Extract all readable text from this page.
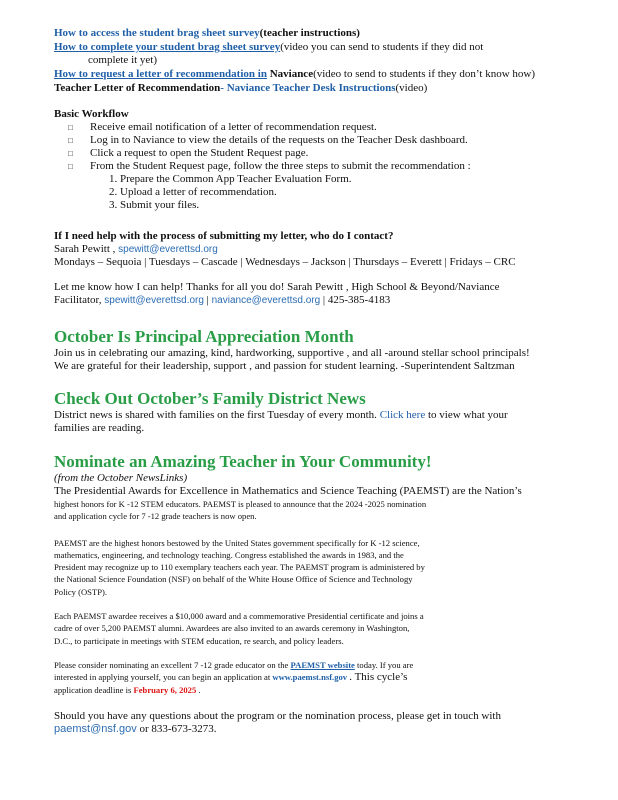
How to access the student brag sheet survey(teacher instructions)
How to complete your student brag sheet survey(video you can send to students if they did not
complete it yet)
How to request a letter of recommendation in Naviance(video to send to students if they don’t know how)
Teacher Letter of Recommendation- Naviance Teacher Desk Instructions(video)
Basic Workflow
□ Receive email notification of a letter of recommendation request.
□ Log in to Naviance to view the details of the requests on the Teacher Desk dashboard.
□ Click a request to open the Student Request page.
□ From the Student Request page, follow the three steps to submit the recommendation :
1. Prepare the Common App Teacher Evaluation Form.
2. Upload a letter of recommendation.
3. Submit your files.
If I need help with the process of submitting my letter, who do I contact?
Sarah Pewitt , spewitt@everettsd.org
Mondays – Sequoia | Tuesdays – Cascade | Wednesdays – Jackson | Thursdays – Everett | Fridays – CRC
Let me know how I can help! Thanks for all you do! Sarah Pewitt , High School & Beyond/Naviance
Facilitator, spewitt@everettsd.org | naviance@everettsd.org | 425-385-4183
October Is Principal Appreciation Month
Join us in celebrating our amazing, kind, hardworking, supportive , and all -around stellar school principals!
We are grateful for their leadership, support , and passion for student learning. -Superintendent Saltzman
Check Out October’s Family District News
District news is shared with families on the first Tuesday of every month. Click here to view what your
families are reading.
Nominate an Amazing Teacher in Your Community!
(from the October NewsLinks)
The Presidential Awards for Excellence in Mathematics and Science Teaching (PAEMST) are the Nation’s
highest honors for K -12 STEM educators. PAEMST is pleased to announce that the 2024 -2025 nomination
and application cycle for 7 -12 grade teachers is now open.
PAEMST are the highest honors bestowed by the United States government specifically for K -12 science,
mathematics, engineering, and technology teaching. Congress established the awards in 1983, and the
President may recognize up to 110 exemplary teachers each year. The PAEMST program is administered by
the National Science Foundation (NSF) on behalf of the White House Office of Science and Technology
Policy (OSTP).
Each PAEMST awardee receives a $10,000 award and a commemorative Presidential certificate and joins a
cadre of over 5,200 PAEMST alumni. Awardees are also invited to an awards ceremony in Washington,
D.C., to participate in meetings with STEM education, re search, and policy leaders.
Please consider nominating an excellent 7 -12 grade educator on the PAEMST website today. If you are
interested in applying yourself, you can begin an application at www.paemst.nsf.gov . This cycle’s
application deadline is February 6, 2025 .
Should you have any questions about the program or the nomination process, please get in touch with
paemst@nsf.gov or 833-673-3273.
